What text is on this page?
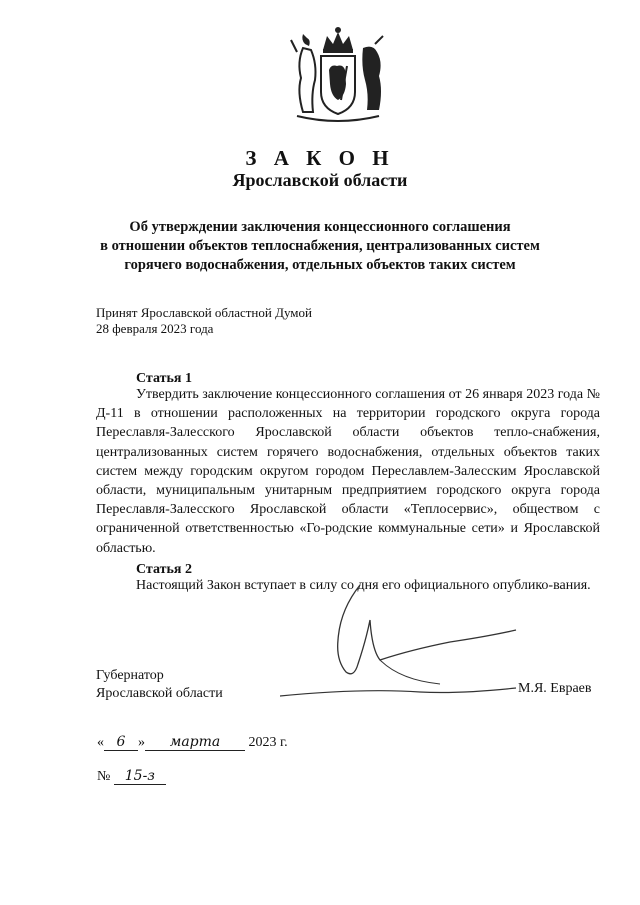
З А К О Н
Ярославской области
Об утверждении заключения концессионного соглашения
в отношении объектов теплоснабжения, централизованных систем
горячего водоснабжения, отдельных объектов таких систем
Принят Ярославской областной Думой
28 февраля 2023 года
Статья 1
Утвердить заключение концессионного соглашения от 26 января 2023 года № Д-11 в отношении расположенных на территории городского округа города Переславля-Залесского Ярославской области объектов тепло-снабжения, централизованных систем горячего водоснабжения, отдельных объектов таких систем между городским округом городом Переславлем-Залесским Ярославской области, муниципальным унитарным предприятием городского округа города Переславля-Залесского Ярославской области «Теплосервис», обществом с ограниченной ответственностью «Го-родские коммунальные сети» и Ярославской областью.
Статья 2
Настоящий Закон вступает в силу со дня его официального опублико-вания.
Губернатор
Ярославской области	М.Я. Евраев
« 6 » марта 2023 г.
№ 15-з
